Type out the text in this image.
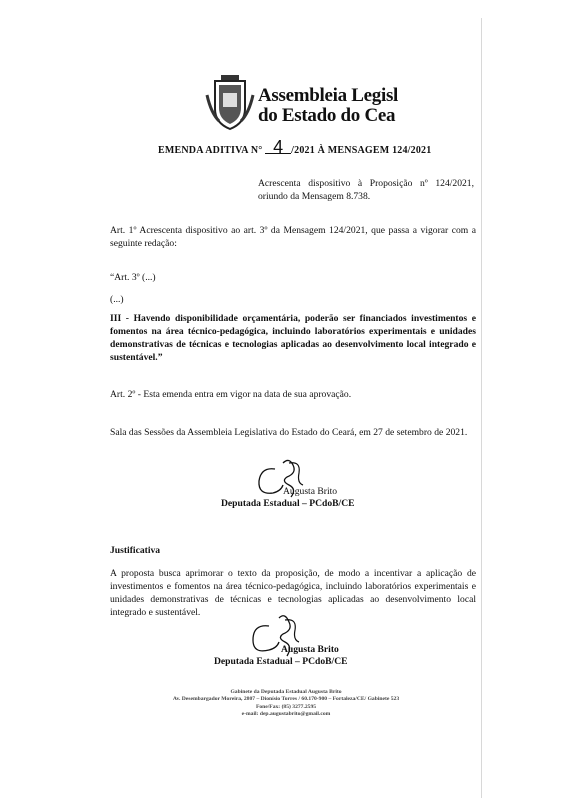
Assembleia Legisl
do Estado do Cea
EMENDA ADITIVA N° 4 /2021 À MENSAGEM 124/2021
Acrescenta dispositivo à Proposição nº 124/2021, oriundo da Mensagem 8.738.
Art. 1º Acrescenta dispositivo ao art. 3º da Mensagem 124/2021, que passa a vigorar com a seguinte redação:
“Art. 3º (...)
(...)
III - Havendo disponibilidade orçamentária, poderão ser financiados investimentos e fomentos na área técnico-pedagógica, incluindo laboratórios experimentais e unidades demonstrativas de técnicas e tecnologias aplicadas ao desenvolvimento local integrado e sustentável.”
Art. 2º - Esta emenda entra em vigor na data de sua aprovação.
Sala das Sessões da Assembleia Legislativa do Estado do Ceará, em 27 de setembro de 2021.
Augusta Brito
Deputada Estadual – PCdoB/CE
Justificativa
A proposta busca aprimorar o texto da proposição, de modo a incentivar a aplicação de investimentos e fomentos na área técnico-pedagógica, incluindo laboratórios experimentais e unidades demonstrativas de técnicas e tecnologias aplicadas ao desenvolvimento local integrado e sustentável.
Augusta Brito
Deputada Estadual – PCdoB/CE
Gabinete da Deputada Estadual Augusta Brito
Av. Desembargador Moreira, 2807 – Dionísio Torres / 60.170-900 – Fortaleza/CE/ Gabinete 523
Fone/Fax: (85) 3277.2595
e-mail: dep.augustabrito@gmail.com
